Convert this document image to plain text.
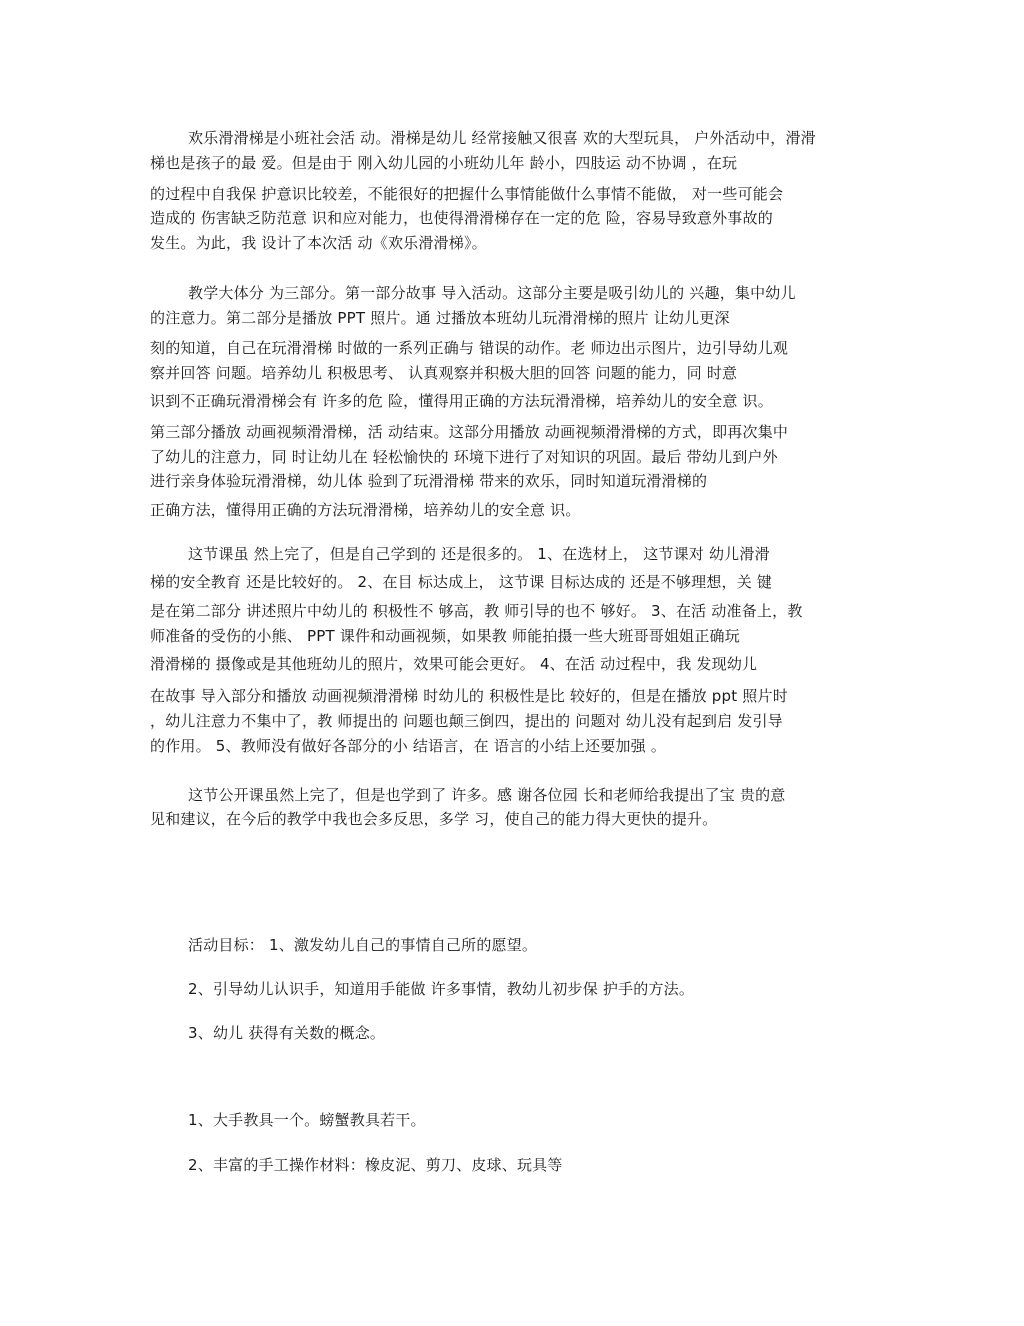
欢乐滑滑梯是小班社会活 动。滑梯是幼儿 经常接触又很喜 欢的大型玩具， 户外活动中，滑滑
梯也是孩子的最 爱。但是由于 刚入幼儿园的小班幼儿年 龄小，四肢运 动不协调 ，在玩
的过程中自我保 护意识比较差，不能很好的把握什么事情能做什么事情不能做， 对一些可能会
造成的 伤害缺乏防范意 识和应对能力，也使得滑滑梯存在一定的危 险，容易导致意外事故的
发生。为此，我 设计了本次活 动《欢乐滑滑梯》。
教学大体分 为三部分。第一部分故事 导入活动。这部分主要是吸引幼儿的 兴趣，集中幼儿
的注意力。第二部分是播放 PPT 照片。通 过播放本班幼儿玩滑滑梯的照片 让幼儿更深
刻的知道，自己在玩滑滑梯 时做的一系列正确与 错误的动作。老 师边出示图片，边引导幼儿观
察并回答 问题。培养幼儿 积极思考、 认真观察并积极大胆的回答 问题的能力，同 时意
识到不正确玩滑滑梯会有 许多的危 险，懂得用正确的方法玩滑滑梯，培养幼儿的安全意 识。
第三部分播放 动画视频滑滑梯，活 动结束。这部分用播放 动画视频滑滑梯的方式，即再次集中
了幼儿的注意力，同 时让幼儿在 轻松愉快的 环境下进行了对知识的巩固。最后 带幼儿到户外
进行亲身体验玩滑滑梯，幼儿体 验到了玩滑滑梯 带来的欢乐，同时知道玩滑滑梯的
正确方法，懂得用正确的方法玩滑滑梯，培养幼儿的安全意 识。
这节课虽 然上完了，但是自己学到的 还是很多的。 1、在选材上， 这节课对 幼儿滑滑
梯的安全教育 还是比较好的。 2、在目 标达成上， 这节课 目标达成的 还是不够理想，关 键
是在第二部分 讲述照片中幼儿的 积极性不 够高，教 师引导的也不 够好。 3、在活 动准备上，教
师准备的受伤的小熊、 PPT 课件和动画视频，如果教 师能拍摄一些大班哥哥姐姐正确玩
滑滑梯的 摄像或是其他班幼儿的照片，效果可能会更好。 4、在活 动过程中，我 发现幼儿
在故事 导入部分和播放 动画视频滑滑梯 时幼儿的 积极性是比 较好的，但是在播放 ppt 照片时
，幼儿注意力不集中了，教 师提出的 问题也颠三倒四，提出的 问题对 幼儿没有起到启 发引导
的作用。 5、教师没有做好各部分的小 结语言，在 语言的小结上还要加强 。
这节公开课虽然上完了，但是也学到了 许多。感 谢各位园 长和老师给我提出了宝 贵的意
见和建议，在今后的教学中我也会多反思，多学 习，使自己的能力得大更快的提升。
活动目标： 1、激发幼儿自己的事情自己所的愿望。
2、引导幼儿认识手，知道用手能做 许多事情，教幼儿初步保 护手的方法。
3、幼儿 获得有关数的概念。
1、大手教具一个。螃蟹教具若干。
2、丰富的手工操作材料：橡皮泥、剪刀、皮球、玩具等
